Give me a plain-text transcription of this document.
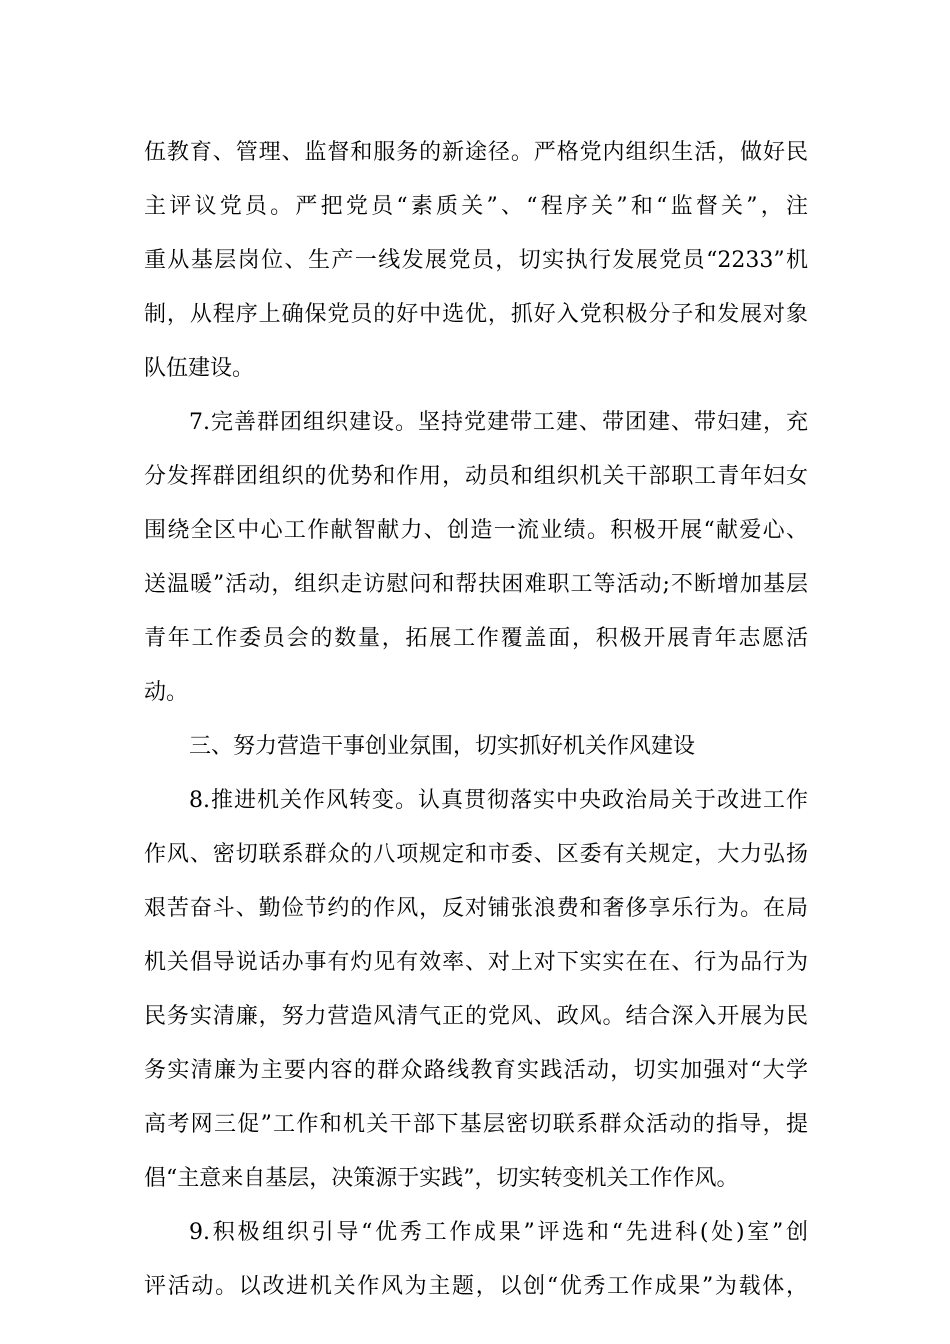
伍教育、管理、监督和服务的新途径。严格党内组织生活，做好民
主评议党员。严把党员“素质关”、“程序关”和“监督关”，注
重从基层岗位、生产一线发展党员，切实执行发展党员“2233”机
制，从程序上确保党员的好中选优，抓好入党积极分子和发展对象
队伍建设。
7.完善群团组织建设。坚持党建带工建、带团建、带妇建，充
分发挥群团组织的优势和作用，动员和组织机关干部职工青年妇女
围绕全区中心工作献智献力、创造一流业绩。积极开展“献爱心、
送温暖”活动，组织走访慰问和帮扶困难职工等活动;不断增加基层
青年工作委员会的数量，拓展工作覆盖面，积极开展青年志愿活
动。
三、努力营造干事创业氛围，切实抓好机关作风建设
8.推进机关作风转变。认真贯彻落实中央政治局关于改进工作
作风、密切联系群众的八项规定和市委、区委有关规定，大力弘扬
艰苦奋斗、勤俭节约的作风，反对铺张浪费和奢侈享乐行为。在局
机关倡导说话办事有灼见有效率、对上对下实实在在、行为品行为
民务实清廉，努力营造风清气正的党风、政风。结合深入开展为民
务实清廉为主要内容的群众路线教育实践活动，切实加强对“大学
高考网三促”工作和机关干部下基层密切联系群众活动的指导，提
倡“主意来自基层，决策源于实践”，切实转变机关工作作风。
9.积极组织引导“优秀工作成果”评选和“先进科(处)室”创
评活动。以改进机关作风为主题，以创“优秀工作成果”为载体，
